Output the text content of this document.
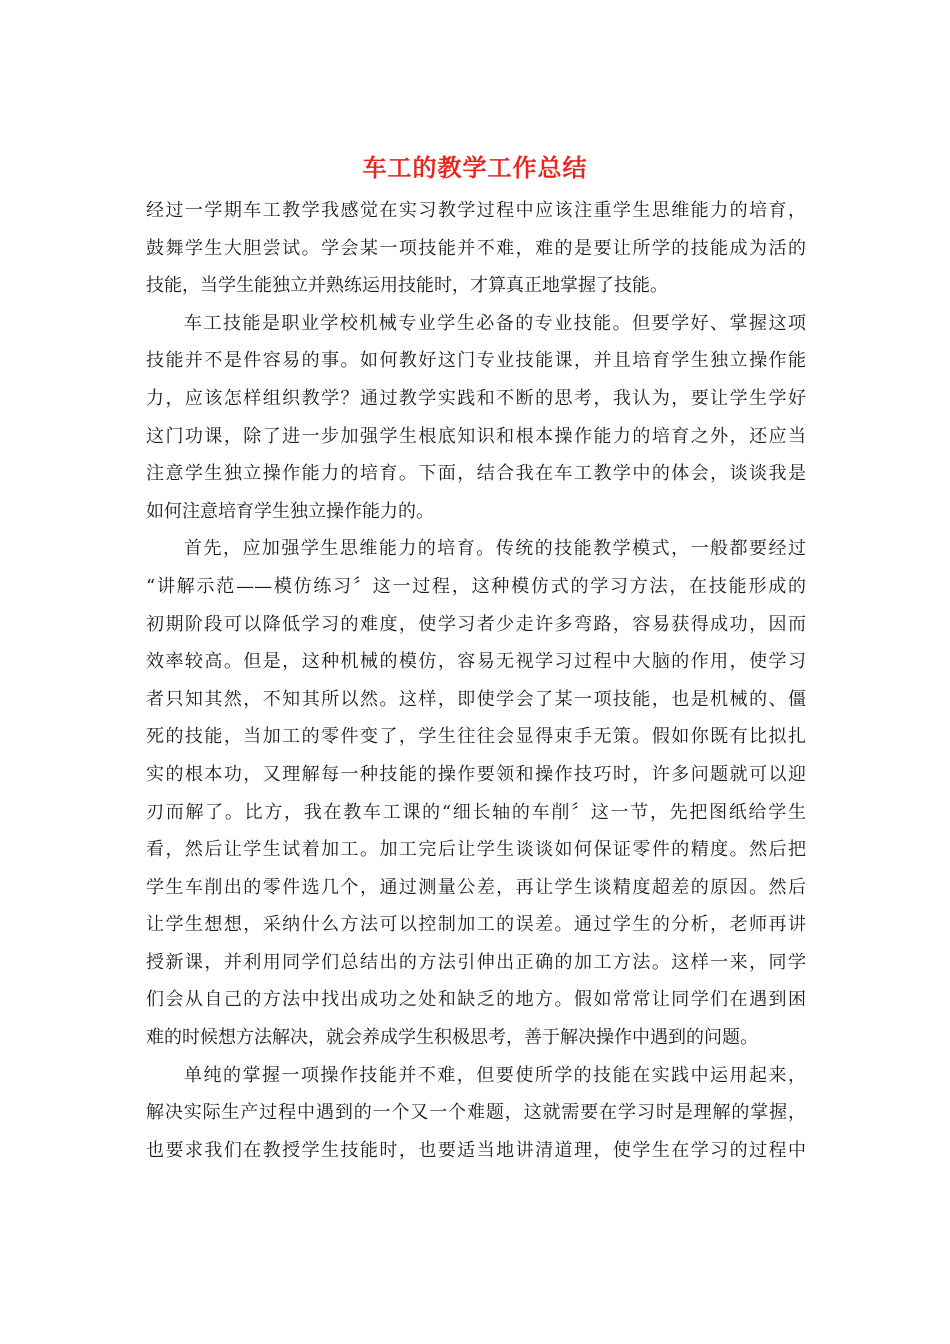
车工的教学工作总结
经过一学期车工教学我感觉在实习教学过程中应该注重学生思维能力的培育，
鼓舞学生大胆尝试。学会某一项技能并不难，难的是要让所学的技能成为活的
技能，当学生能独立并熟练运用技能时，才算真正地掌握了技能。
车工技能是职业学校机械专业学生必备的专业技能。但要学好、掌握这项
技能并不是件容易的事。如何教好这门专业技能课，并且培育学生独立操作能
力，应该怎样组织教学？通过教学实践和不断的思考，我认为，要让学生学好
这门功课，除了进一步加强学生根底知识和根本操作能力的培育之外，还应当
注意学生独立操作能力的培育。下面，结合我在车工教学中的体会，谈谈我是
如何注意培育学生独立操作能力的。
首先，应加强学生思维能力的培育。传统的技能教学模式，一般都要经过
“讲解示范——模仿练习〞这一过程，这种模仿式的学习方法，在技能形成的
初期阶段可以降低学习的难度，使学习者少走许多弯路，容易获得成功，因而
效率较高。但是，这种机械的模仿，容易无视学习过程中大脑的作用，使学习
者只知其然，不知其所以然。这样，即使学会了某一项技能，也是机械的、僵
死的技能，当加工的零件变了，学生往往会显得束手无策。假如你既有比拟扎
实的根本功，又理解每一种技能的操作要领和操作技巧时，许多问题就可以迎
刃而解了。比方，我在教车工课的“细长轴的车削〞这一节，先把图纸给学生
看，然后让学生试着加工。加工完后让学生谈谈如何保证零件的精度。然后把
学生车削出的零件选几个，通过测量公差，再让学生谈精度超差的原因。然后
让学生想想，采纳什么方法可以控制加工的误差。通过学生的分析，老师再讲
授新课，并利用同学们总结出的方法引伸出正确的加工方法。这样一来，同学
们会从自己的方法中找出成功之处和缺乏的地方。假如常常让同学们在遇到困
难的时候想方法解决，就会养成学生积极思考，善于解决操作中遇到的问题。
单纯的掌握一项操作技能并不难，但要使所学的技能在实践中运用起来，
解决实际生产过程中遇到的一个又一个难题，这就需要在学习时是理解的掌握，
也要求我们在教授学生技能时，也要适当地讲清道理，使学生在学习的过程中
